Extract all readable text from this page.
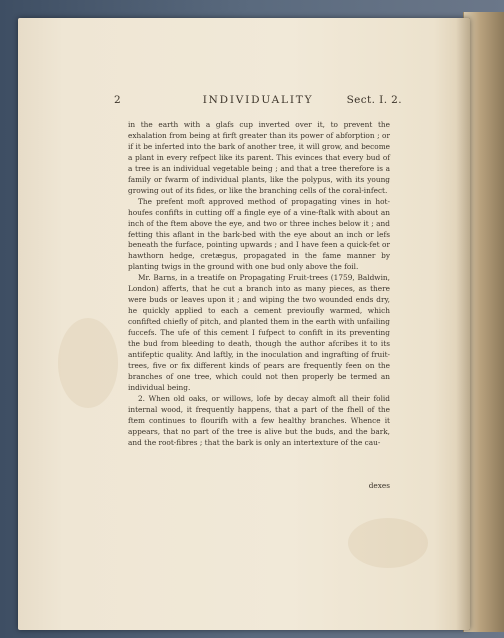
2	INDIVIDUALITY	Sect. I. 2.

in the earth with a glafs cup inverted over it, to prevent the exhalation from being at firft greater than its power of abforption ; or if it be inferted into the bark of another tree, it will grow, and become a plant in every refpect like its parent. This evinces that every bud of a tree is an individual vegetable being ; and that a tree therefore is a family or fwarm of individual plants, like the polypus, with its young growing out of its fides, or like the branching cells of the coral-infect.

The prefent moft approved method of propagating vines in hot-houfes confifts in cutting off a fingle eye of a vine-ftalk with about an inch of the ftem above the eye, and two or three inches below it ; and fetting this aflant in the bark-bed with the eye about an inch or lefs beneath the furface, pointing upwards ; and I have feen a quick-fet or hawthorn hedge, cretægus, propagated in the fame manner by planting twigs in the ground with one bud only above the foil.

Mr. Barns, in a treatife on Propagating Fruit-trees (1759, Baldwin, London) afferts, that he cut a branch into as many pieces, as there were buds or leaves upon it ; and wiping the two wounded ends dry, he quickly applied to each a cement previoufly warmed, which confifted chiefly of pitch, and planted them in the earth with unfailing fuccefs. The ufe of this cement I fufpect to confift in its preventing the bud from bleeding to death, though the author afcribes it to its antifeptic quality. And laftly, in the inoculation and ingrafting of fruit-trees, five or fix different kinds of pears are frequently feen on the branches of one tree, which could not then properly be termed an individual being.

2. When old oaks, or willows, lofe by decay almoft all their folid internal wood, it frequently happens, that a part of the fhell of the ftem continues to flourifh with a few healthy branches. Whence it appears, that no part of the tree is alive but the buds, and the bark, and the root-fibres ; that the bark is only an intertexture of the cau-

dexes
